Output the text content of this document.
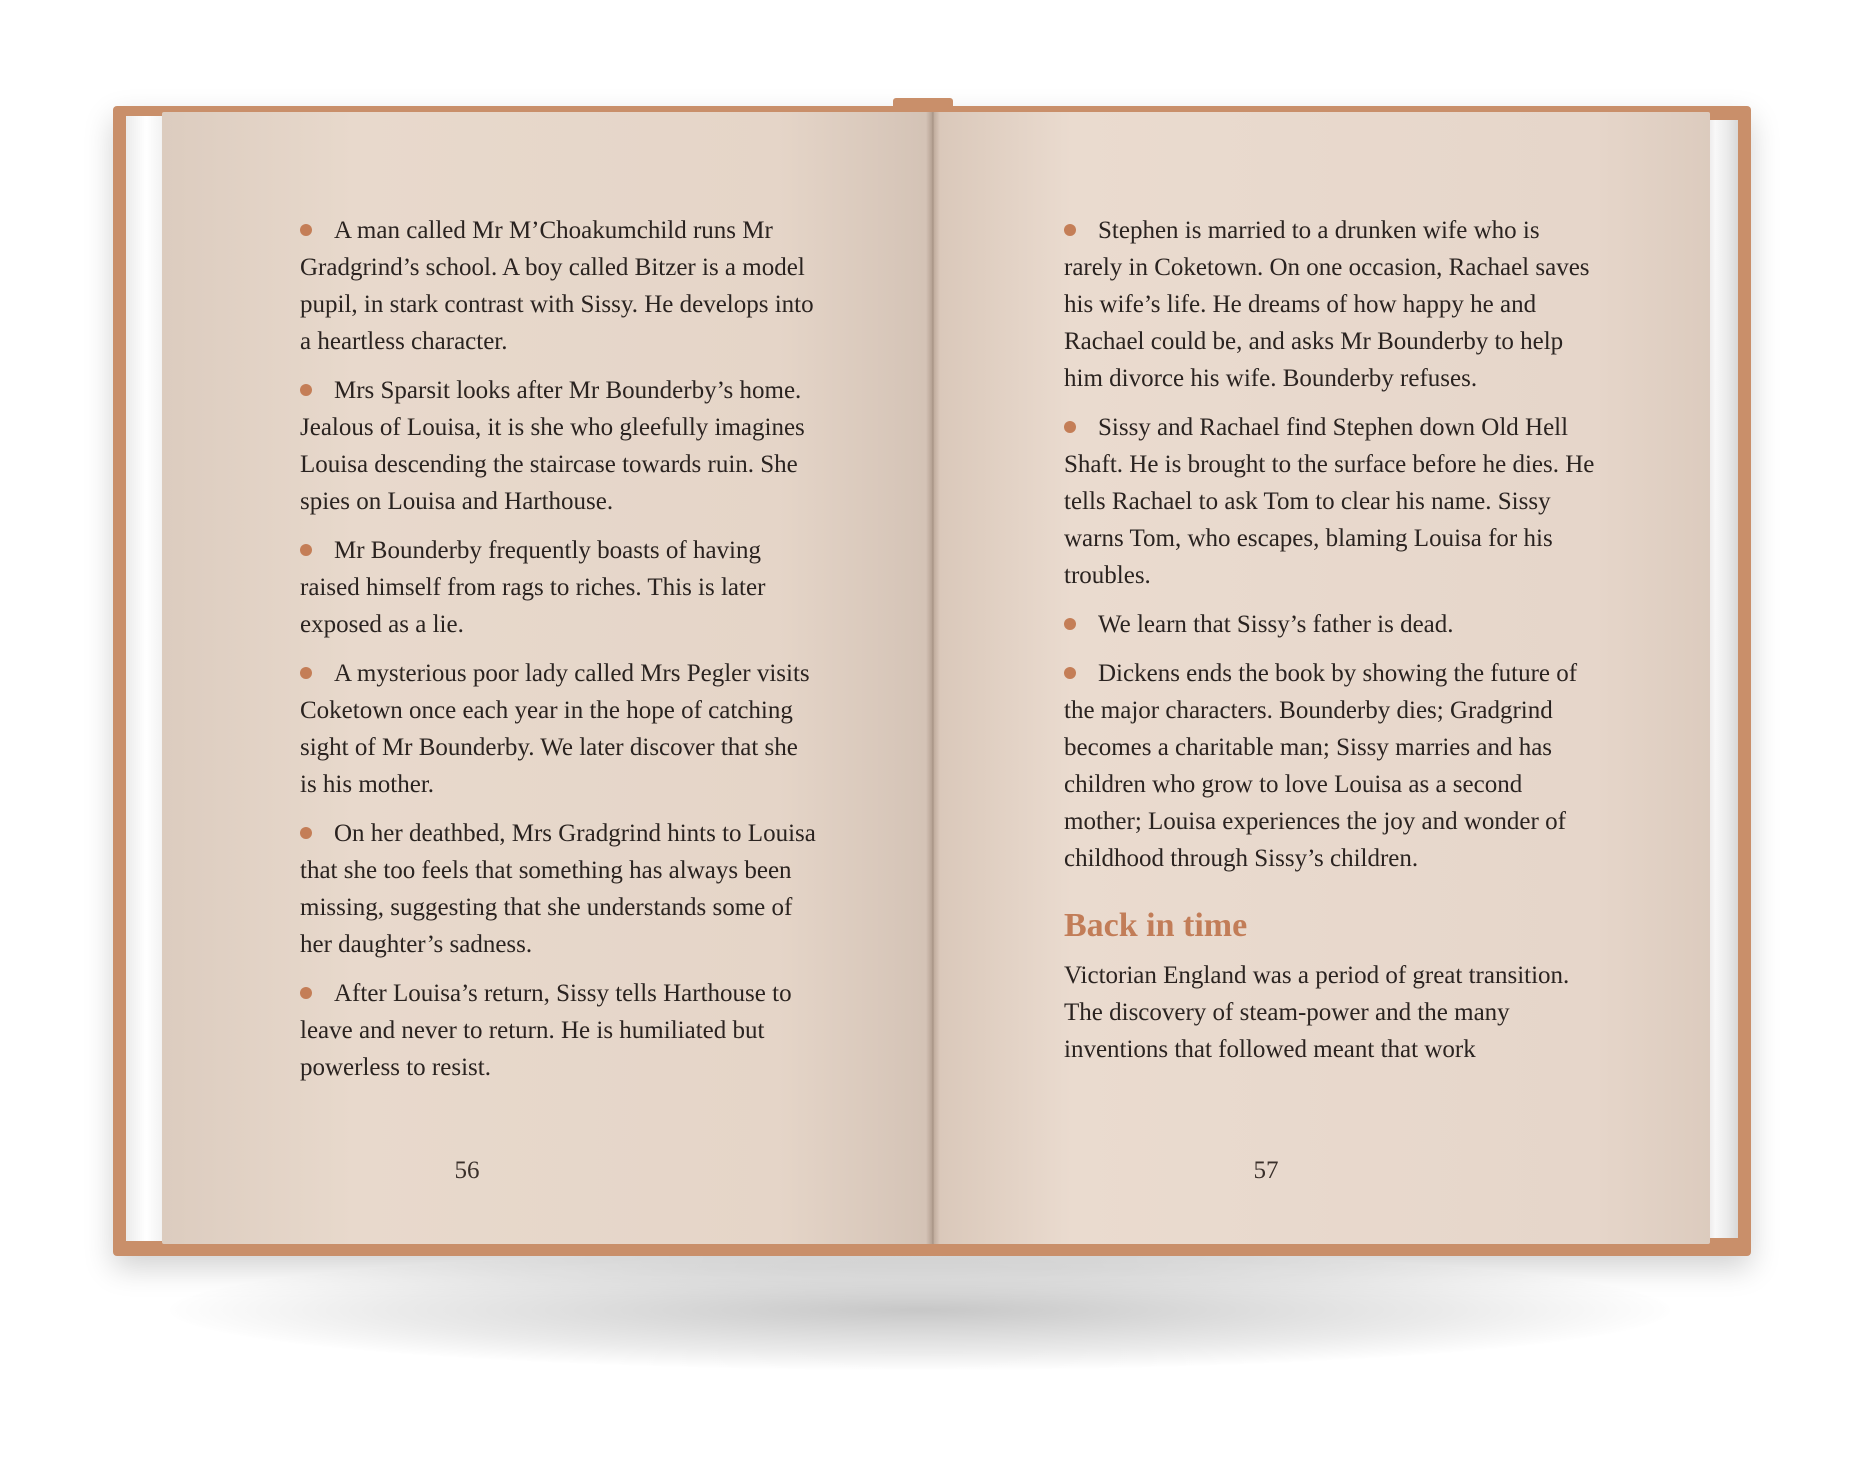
A man called Mr M’Choakumchild runs Mr Gradgrind’s school. A boy called Bitzer is a model pupil, in stark contrast with Sissy. He develops into a heartless character.

Mrs Sparsit looks after Mr Bounderby’s home. Jealous of Louisa, it is she who gleefully imagines Louisa descending the staircase towards ruin. She spies on Louisa and Harthouse.

Mr Bounderby frequently boasts of having raised himself from rags to riches. This is later exposed as a lie.

A mysterious poor lady called Mrs Pegler visits Coketown once each year in the hope of catching sight of Mr Bounderby. We later discover that she is his mother.

On her deathbed, Mrs Gradgrind hints to Louisa that she too feels that something has always been missing, suggesting that she understands some of her daughter’s sadness.

After Louisa’s return, Sissy tells Harthouse to leave and never to return. He is humiliated but powerless to resist.

56

Stephen is married to a drunken wife who is rarely in Coketown. On one occasion, Rachael saves his wife’s life. He dreams of how happy he and Rachael could be, and asks Mr Bounderby to help him divorce his wife. Bounderby refuses.

Sissy and Rachael find Stephen down Old Hell Shaft. He is brought to the surface before he dies. He tells Rachael to ask Tom to clear his name. Sissy warns Tom, who escapes, blaming Louisa for his troubles.

We learn that Sissy’s father is dead.

Dickens ends the book by showing the future of the major characters. Bounderby dies; Gradgrind becomes a charitable man; Sissy marries and has children who grow to love Louisa as a second mother; Louisa experiences the joy and wonder of childhood through Sissy’s children.

Back in time

Victorian England was a period of great transition. The discovery of steam-power and the many inventions that followed meant that work

57
